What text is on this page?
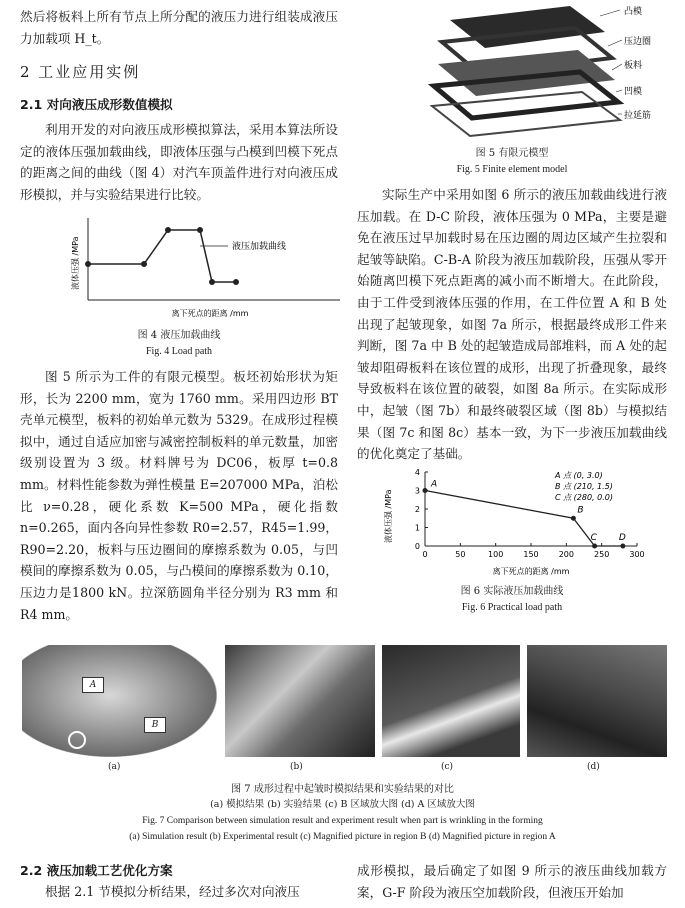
然后将板料上所有节点上所分配的液压力进行组装成液压力加载项 H_t。

2 工业应用实例
2.1 对向液压成形数值模拟

利用开发的对向液压成形模拟算法，采用本算法所设定的液体压强加载曲线，即液体压强与凸模到凹模下死点的距离之间的曲线（图 4）对汽车顶盖件进行对向液压成形模拟，并与实验结果进行比较。

液压加载曲线
液体压强 /MPa
离下死点的距离 /mm
图 4 液压加载曲线
Fig. 4 Load path

图 5 所示为工件的有限元模型。板坯初始形状为矩形，长为 2200 mm，宽为 1760 mm。采用四边形 BT 壳单元模型，板料的初始单元数为 5329。在成形过程模拟中，通过自适应加密与减密控制板料的单元数量，加密级别设置为 3 级。材料牌号为 DC06，板厚 t=0.8 mm。材料性能参数为弹性模量 E=207000 MPa，泊松比 ν=0.28，硬化系数 K=500 MPa，硬化指数 n=0.265，面内各向异性参数 R0=2.57，R45=1.99，R90=2.20，板料与压边圈间的摩擦系数为 0.05，与凹模间的摩擦系数为 0.05，与凸模间的摩擦系数为 0.10，压边力是1800 kN。拉深筋圆角半径分别为 R3 mm 和 R4 mm。

凸模
压边圈
板料
凹模
拉延筋
图 5 有限元模型
Fig. 5 Finite element model

实际生产中采用如图 6 所示的液压加载曲线进行液压加载。在 D-C 阶段，液体压强为 0 MPa，主要是避免在液压过早加载时易在压边圈的周边区域产生拉裂和起皱等缺陷。C-B-A 阶段为液压加载阶段，压强从零开始随离凹模下死点距离的减小而不断增大。在此阶段，由于工件受到液体压强的作用，在工件位置 A 和 B 处出现了起皱现象，如图 7a 所示，根据最终成形工件来判断，图 7a 中 B 处的起皱造成局部堆料，而 A 处的起皱却阻碍板料在该位置的成形，出现了折叠现象，最终导致板料在该位置的破裂，如图 8a 所示。在实际成形中，起皱（图 7b）和最终破裂区域（图 8b）与模拟结果（图 7c 和图 8c）基本一致，为下一步液压加载曲线的优化奠定了基础。

0
1
2
3
4
0	50	100	150	200	250	300
A
B
C D
A 点 (0, 3.0)
B 点 (210, 1.5)
C 点 (280, 0.0)
液体压强 /MPa
离下死点的距离 /mm
图 6 实际液压加载曲线
Fig. 6 Practical load path
A
B
(a)	(b)	(c)	(d)
图 7 成形过程中起皱时模拟结果和实验结果的对比
(a) 模拟结果 (b) 实验结果 (c) B 区域放大图 (d) A 区域放大图
Fig. 7 Comparison between simulation result and experiment result when part is wrinkling in the forming
(a) Simulation result (b) Experimental result (c) Magnified picture in region B (d) Magnified picture in region A
2.2 液压加载工艺优化方案

根据 2.1 节模拟分析结果，经过多次对向液压

成形模拟，最后确定了如图 9 所示的液压曲线加载方案，G-F 阶段为液压空加载阶段，但液压开始加
